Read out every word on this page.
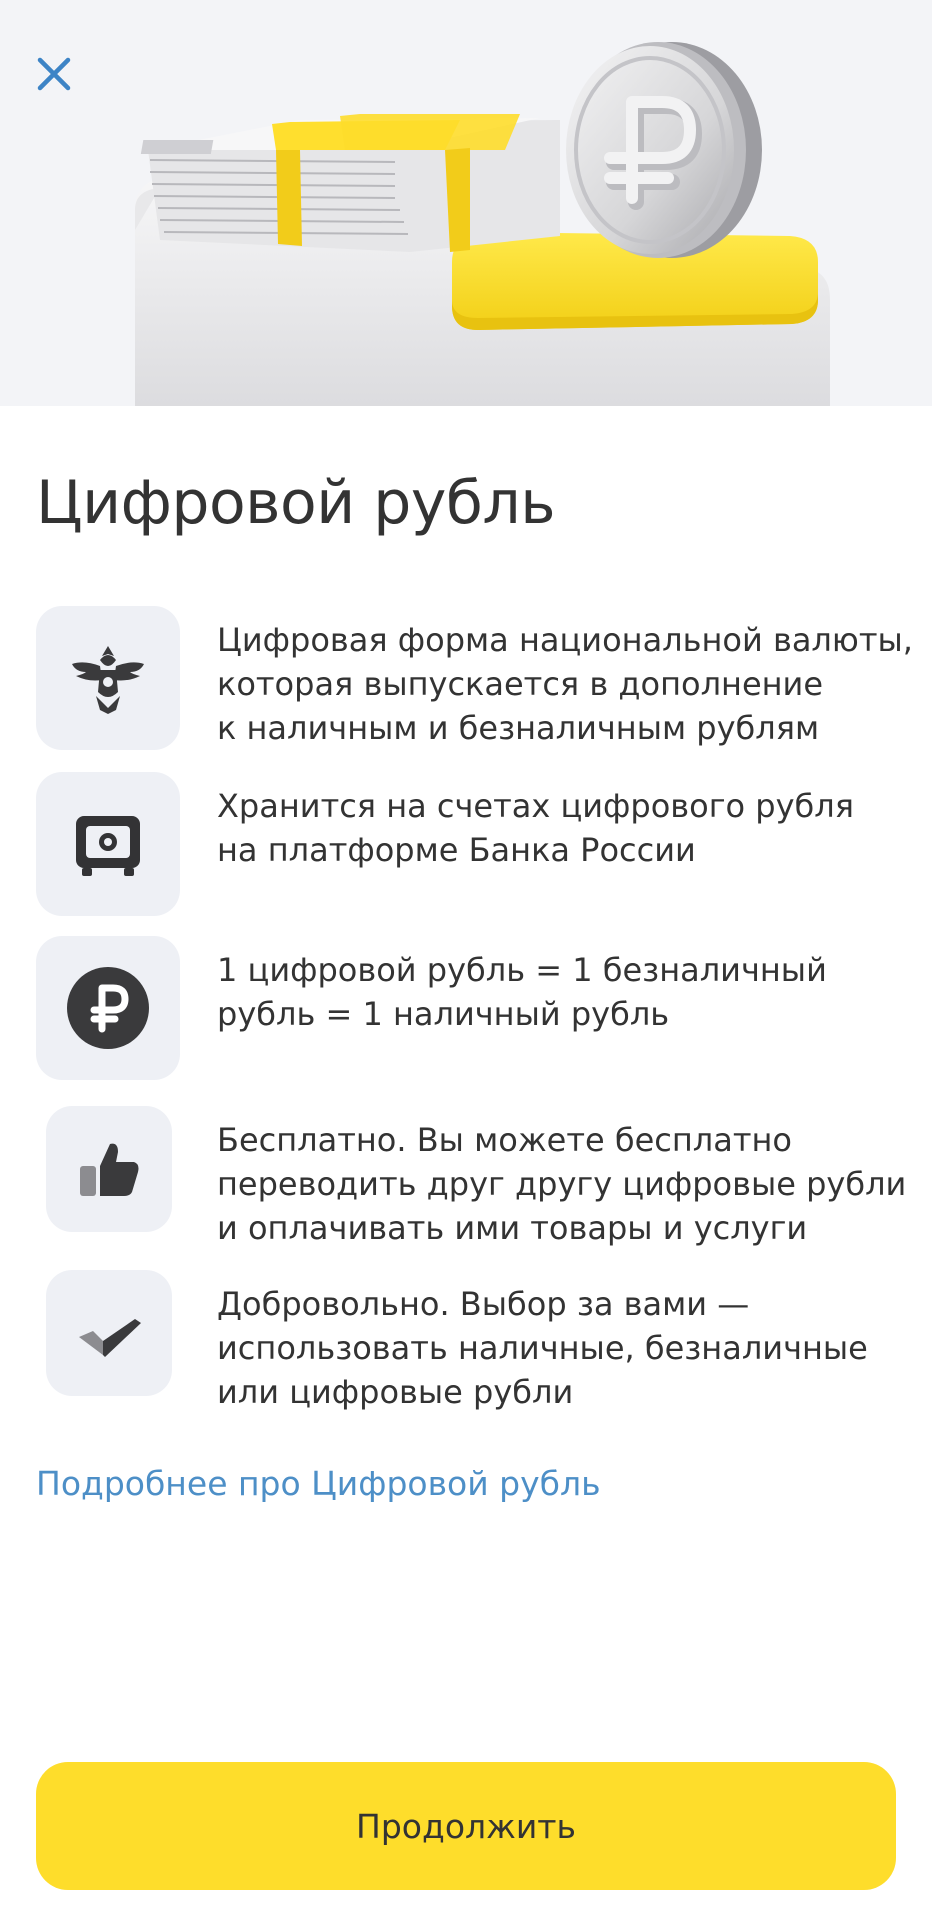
Цифровой рубль

Цифровая форма национальной валюты,
которая выпускается в дополнение
к наличным и безналичным рублям

Хранится на счетах цифрового рубля
на платформе Банка России

1 цифровой рубль = 1 безналичный
рубль = 1 наличный рубль

Бесплатно. Вы можете бесплатно
переводить друг другу цифровые рубли
и оплачивать ими товары и услуги

Добровольно. Выбор за вами —
использовать наличные, безналичные
или цифровые рубли

Подробнее про Цифровой рубль
Продолжить
